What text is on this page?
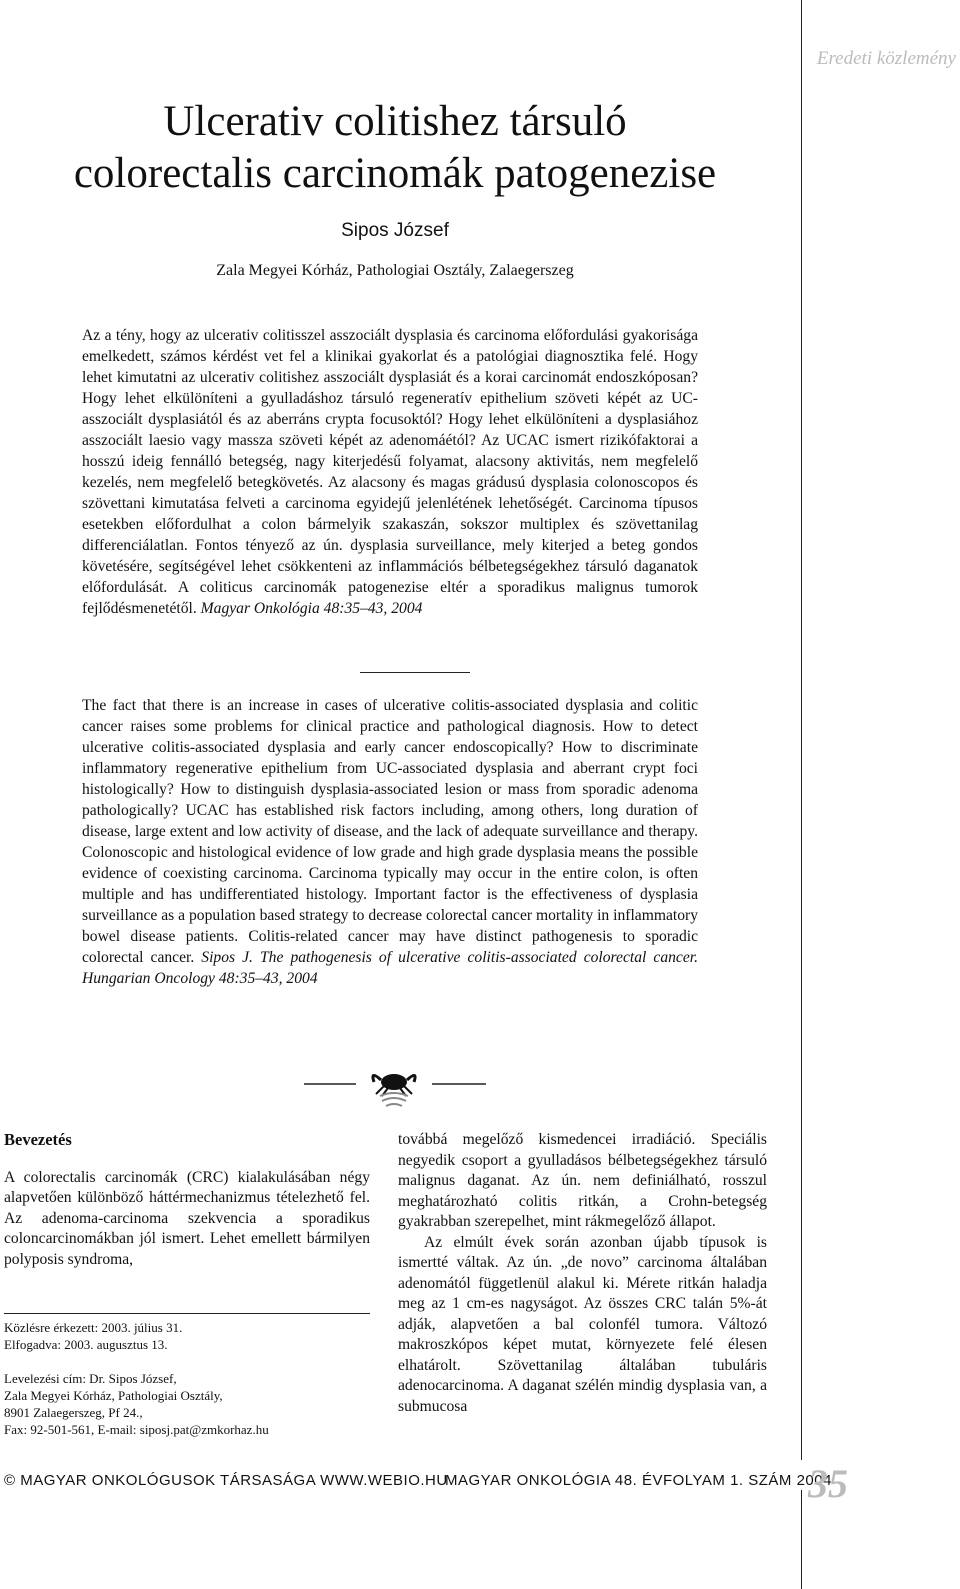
Eredeti közlemény
Ulcerativ colitishez társuló
colorectalis carcinomák patogenezise
Sipos József
Zala Megyei Kórház, Pathologiai Osztály, Zalaegerszeg

Az a tény, hogy az ulcerativ colitisszel asszociált dysplasia és carcinoma előfordulási gyakorisága emelkedett, számos kérdést vet fel a klinikai gyakorlat és a patológiai diagnosztika felé. Hogy lehet kimutatni az ulcerativ colitishez asszociált dysplasiát és a korai carcinomát endoszkóposan? Hogy lehet elkülöníteni a gyulladáshoz társuló regeneratív epithelium szöveti képét az UC-asszociált dysplasiától és az aberráns crypta focusoktól? Hogy lehet elkülöníteni a dysplasiához asszociált laesio vagy massza szöveti képét az adenomáétól? Az UCAC ismert rizikófaktorai a hosszú ideig fennálló betegség, nagy kiterjedésű folyamat, alacsony aktivitás, nem megfelelő kezelés, nem megfelelő betegkövetés. Az alacsony és magas grádusú dysplasia colonoscopos és szövettani kimutatása felveti a carcinoma egyidejű jelenlétének lehetőségét. Carcinoma típusos esetekben előfordulhat a colon bármelyik szakaszán, sokszor multiplex és szövettanilag differenciálatlan. Fontos tényező az ún. dysplasia surveillance, mely kiterjed a beteg gondos követésére, segítségével lehet csökkenteni az inflammációs bélbetegségekhez társuló daganatok előfordulását. A coliticus carcinomák patogenezise eltér a sporadikus malignus tumorok fejlődésmenetétől. Magyar Onkológia 48:35–43, 2004

The fact that there is an increase in cases of ulcerative colitis-associated dysplasia and colitic cancer raises some problems for clinical practice and pathological diagnosis. How to detect ulcerative colitis-associated dysplasia and early cancer endoscopically? How to discriminate inflammatory regenerative epithelium from UC-associated dysplasia and aberrant crypt foci histologically? How to distinguish dysplasia-associated lesion or mass from sporadic adenoma pathologically? UCAC has established risk factors including, among others, long duration of disease, large extent and low activity of disease, and the lack of adequate surveillance and therapy. Colonoscopic and histological evidence of low grade and high grade dysplasia means the possible evidence of coexisting carcinoma. Carcinoma typically may occur in the entire colon, is often multiple and has undifferentiated histology. Important factor is the effectiveness of dysplasia surveillance as a population based strategy to decrease colorectal cancer mortality in inflammatory bowel disease patients. Colitis-related cancer may have distinct pathogenesis to sporadic colorectal cancer. Sipos J. The pathogenesis of ulcerative colitis-associated colorectal cancer. Hungarian Oncology 48:35–43, 2004

Bevezetés

A colorectalis carcinomák (CRC) kialakulásában négy alapvetően különböző háttérmechanizmus tételezhető fel. Az adenoma-carcinoma szekvencia a sporadikus coloncarcinomákban jól ismert. Lehet emellett bármilyen polyposis syndroma,

Közlésre érkezett: 2003. július 31.
Elfogadva: 2003. augusztus 13.
Levelezési cím: Dr. Sipos József,
Zala Megyei Kórház, Pathologiai Osztály,
8901 Zalaegerszeg, Pf 24.,
Fax: 92-501-561, E-mail: siposj.pat@zmkorhaz.hu

továbbá megelőző kismedencei irradiáció. Speciális negyedik csoport a gyulladásos bélbetegségekhez társuló malignus daganat. Az ún. nem definiálható, rosszul meghatározható colitis ritkán, a Crohn-betegség gyakrabban szerepelhet, mint rákmegelőző állapot.

Az elmúlt évek során azonban újabb típusok is ismertté váltak. Az ún. „de novo” carcinoma általában adenomától függetlenül alakul ki. Mérete ritkán haladja meg az 1 cm-es nagyságot. Az összes CRC talán 5%-át adják, alapvetően a bal colonfél tumora. Változó makroszkópos képet mutat, környezete felé élesen elhatárolt. Szövettanilag általában tubuláris adenocarcinoma. A daganat szélén mindig dysplasia van, a submucosa

© MAGYAR ONKOLÓGUSOK TÁRSASÁGA WWW.WEBIO.HU
MAGYAR ONKOLÓGIA 48. ÉVFOLYAM 1. SZÁM 2004
35
